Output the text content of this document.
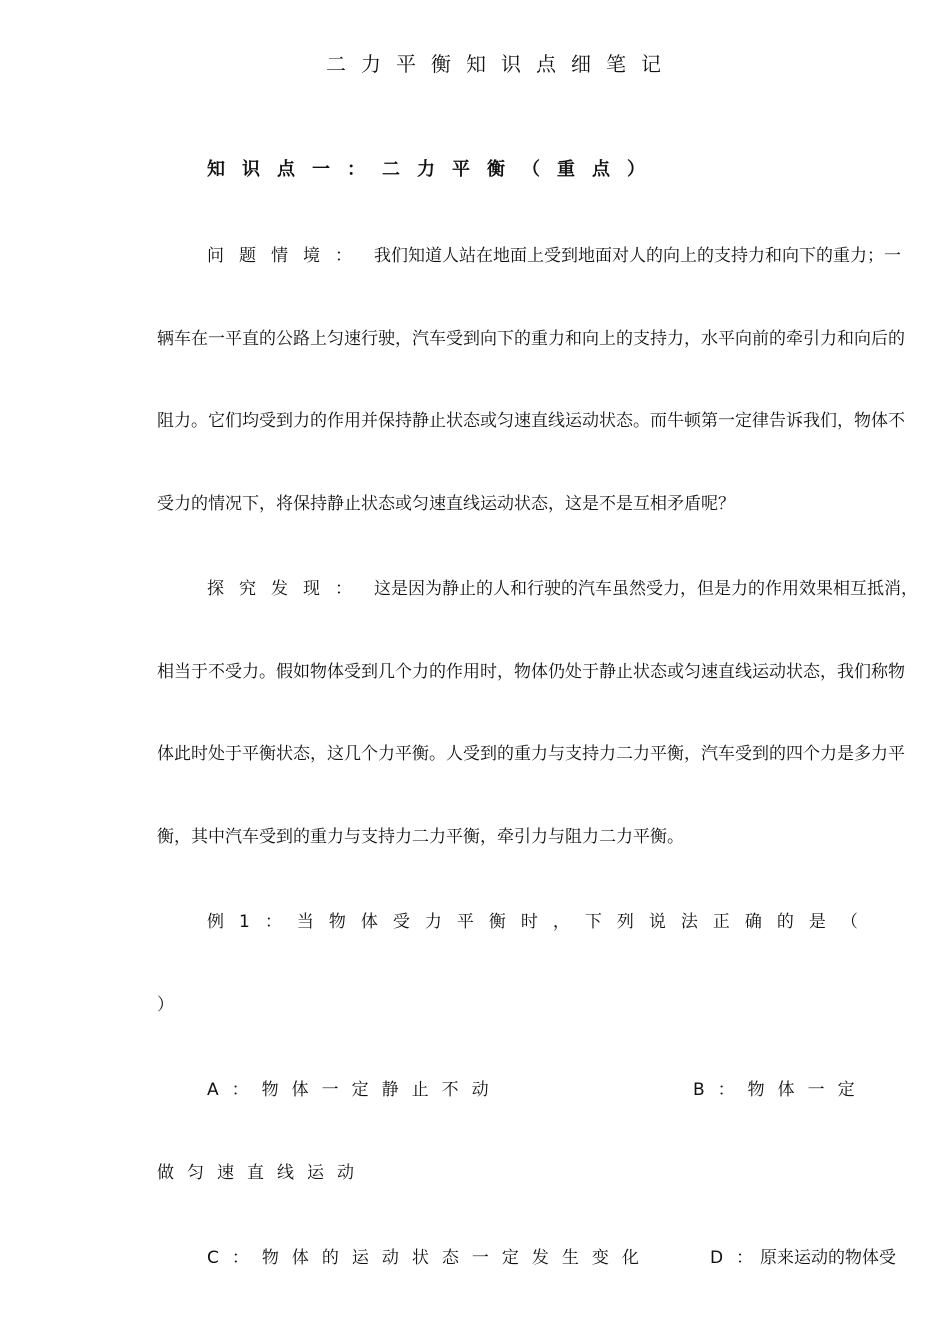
二力平衡知识点细笔记
知识点一：二力平衡（重点）
问题情境： 我们知道人站在地面上受到地面对人的向上的支持力和向下的重力；一
辆车在一平直的公路上匀速行驶，汽车受到向下的重力和向上的支持力，水平向前的牵引力和向后的
阻力。它们均受到力的作用并保持静止状态或匀速直线运动状态。而牛顿第一定律告诉我们，物体不
受力的情况下，将保持静止状态或匀速直线运动状态，这是不是互相矛盾呢？
探究发现： 这是因为静止的人和行驶的汽车虽然受力，但是力的作用效果相互抵消，
相当于不受力。假如物体受到几个力的作用时，物体仍处于静止状态或匀速直线运动状态，我们称物
体此时处于平衡状态，这几个力平衡。人受到的重力与支持力二力平衡，汽车受到的四个力是多力平
衡，其中汽车受到的重力与支持力二力平衡，牵引力与阻力二力平衡。
例1：当物体受力平衡时，下列说法正确的是（
）
A：物体一定静止不动	B：物体一定
做匀速直线运动
C：物体的运动状态一定发生变化	D：
原来运动的物体受
